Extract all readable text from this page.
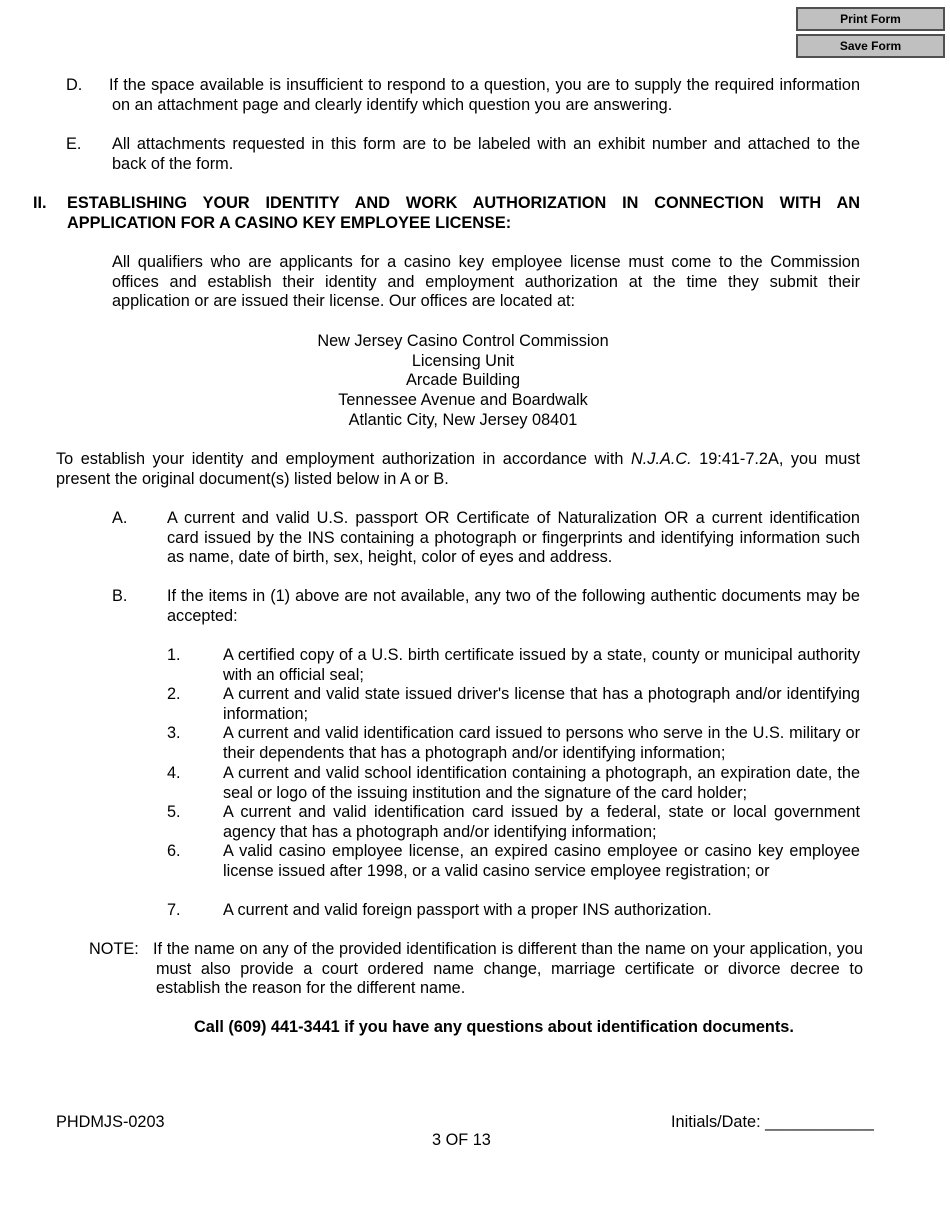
Print Form
Save Form
D. If the space available is insufficient to respond to a question, you are to supply the required information on an attachment page and clearly identify which question you are answering.
E. All attachments requested in this form are to be labeled with an exhibit number and attached to the back of the form.
II. ESTABLISHING YOUR IDENTITY AND WORK AUTHORIZATION IN CONNECTION WITH AN APPLICATION FOR A CASINO KEY EMPLOYEE LICENSE:
All qualifiers who are applicants for a casino key employee license must come to the Commission offices and establish their identity and employment authorization at the time they submit their application or are issued their license. Our offices are located at:
New Jersey Casino Control Commission
Licensing Unit
Arcade Building
Tennessee Avenue and Boardwalk
Atlantic City, New Jersey 08401
To establish your identity and employment authorization in accordance with N.J.A.C. 19:41-7.2A, you must present the original document(s) listed below in A or B.
A. A current and valid U.S. passport OR Certificate of Naturalization OR a current identification card issued by the INS containing a photograph or fingerprints and identifying information such as name, date of birth, sex, height, color of eyes and address.
B. If the items in (1) above are not available, any two of the following authentic documents may be accepted:
1.	A certified copy of a U.S. birth certificate issued by a state, county or municipal authority with an official seal;
2.	A current and valid state issued driver's license that has a photograph and/or identifying information;
3.	A current and valid identification card issued to persons who serve in the U.S. military or their dependents that has a photograph and/or identifying information;
4.	A current and valid school identification containing a photograph, an expiration date, the seal or logo of the issuing institution and the signature of the card holder;
5.	A current and valid identification card issued by a federal, state or local government agency that has a photograph and/or identifying information;
6.	A valid casino employee license, an expired casino employee or casino key employee license issued after 1998, or a valid casino service employee registration; or
7.	A current and valid foreign passport with a proper INS authorization.
NOTE: If the name on any of the provided identification is different than the name on your application, you must also provide a court ordered name change, marriage certificate or divorce decree to establish the reason for the different name.
Call (609) 441-3441 if you have any questions about identification documents.
PHDMJS-0203	Initials/Date: ____________
3 OF 13
